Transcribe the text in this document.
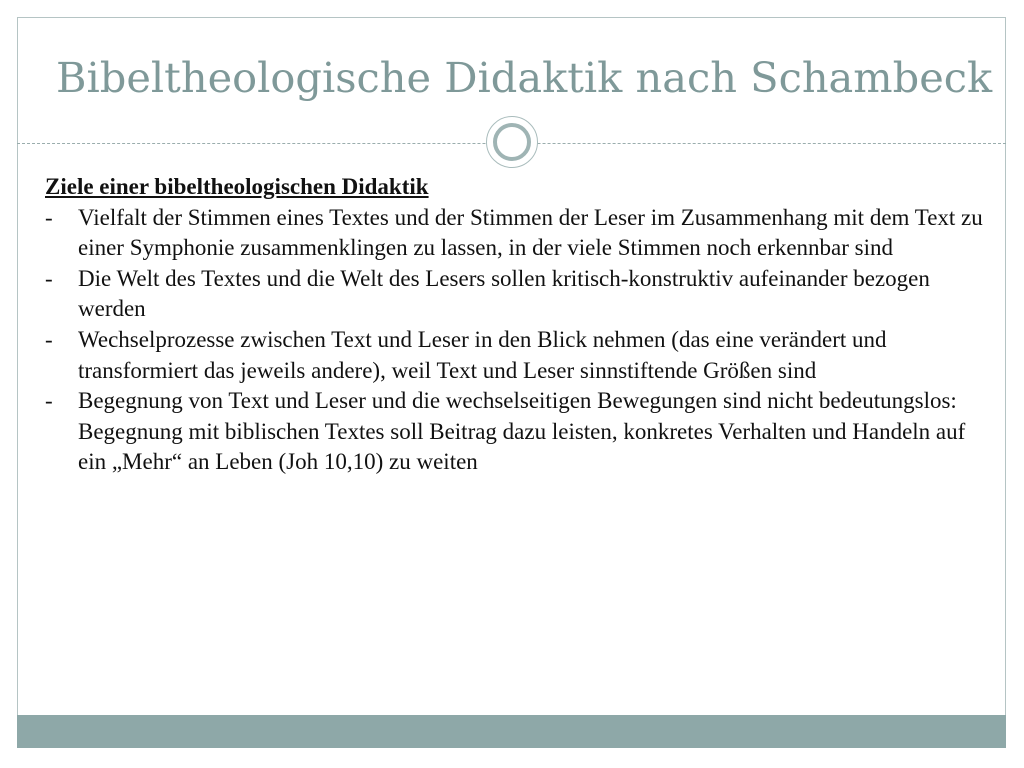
Bibeltheologische Didaktik nach Schambeck

Ziele einer bibeltheologischen Didaktik

- Vielfalt der Stimmen eines Textes und der Stimmen der Leser im Zusammenhang mit dem Text zu einer Symphonie zusammenklingen zu lassen, in der viele Stimmen noch erkennbar sind
- Die Welt des Textes und die Welt des Lesers sollen kritisch-konstruktiv aufeinander bezogen werden
- Wechselprozesse zwischen Text und Leser in den Blick nehmen (das eine verändert und transformiert das jeweils andere), weil Text und Leser sinnstiftende Größen sind
- Begegnung von Text und Leser und die wechselseitigen Bewegungen sind nicht bedeutungslos: Begegnung mit biblischen Textes soll Beitrag dazu leisten, konkretes Verhalten und Handeln auf ein „Mehr“ an Leben (Joh 10,10) zu weiten
